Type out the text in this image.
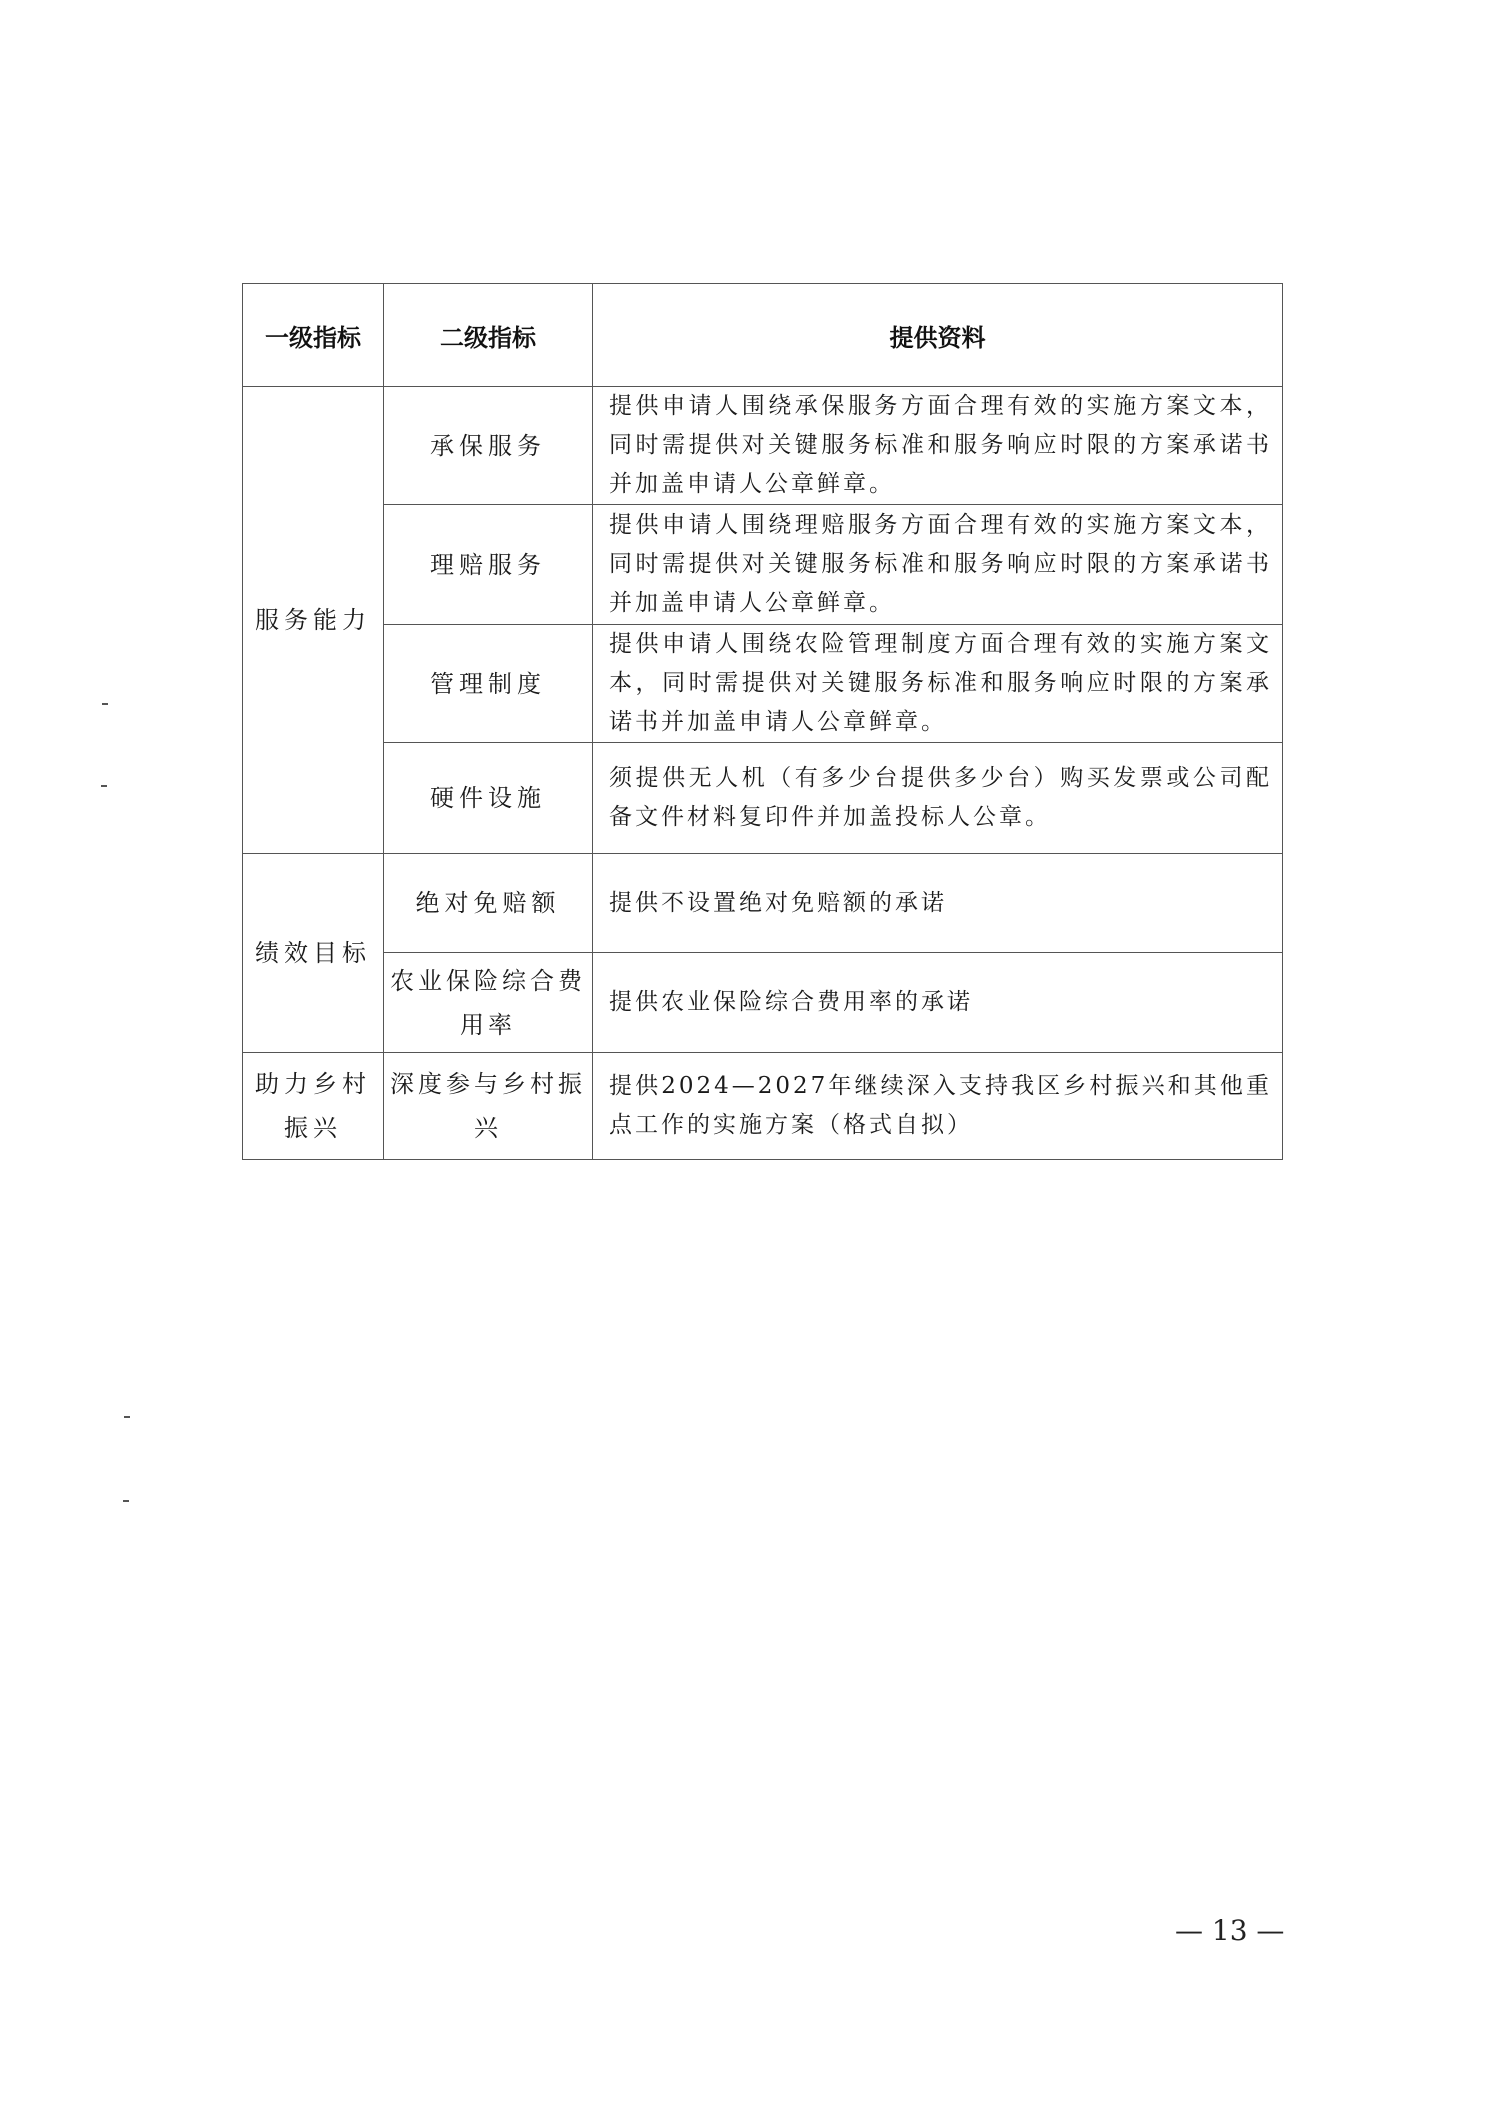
一级指标	二级指标	提供资料
服务能力	承保服务	提供申请人围绕承保服务方面合理有效的实施方案文本，同时需提供对关键服务标准和服务响应时限的方案承诺书并加盖申请人公章鲜章。
	理赔服务	提供申请人围绕理赔服务方面合理有效的实施方案文本，同时需提供对关键服务标准和服务响应时限的方案承诺书并加盖申请人公章鲜章。
	管理制度	提供申请人围绕农险管理制度方面合理有效的实施方案文本，同时需提供对关键服务标准和服务响应时限的方案承诺书并加盖申请人公章鲜章。
	硬件设施	须提供无人机（有多少台提供多少台）购买发票或公司配备文件材料复印件并加盖投标人公章。
绩效目标	绝对免赔额	提供不设置绝对免赔额的承诺
	农业保险综合费用率	提供农业保险综合费用率的承诺
助力乡村振兴	深度参与乡村振兴	提供2024—2027年继续深入支持我区乡村振兴和其他重点工作的实施方案（格式自拟）
— 13 —
